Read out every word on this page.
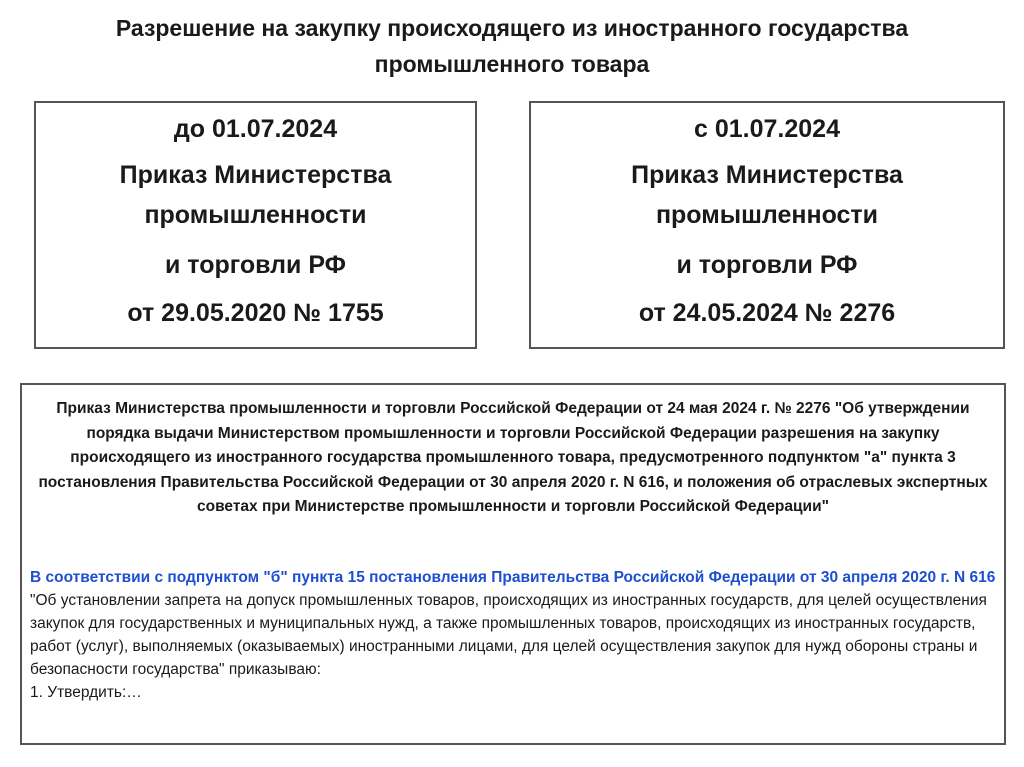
Разрешение на закупку происходящего из иностранного государства
промышленного товара
до 01.07.2024
Приказ Министерства
промышленности
и торговли РФ
от 29.05.2020 № 1755
с 01.07.2024
Приказ Министерства
промышленности
и торговли РФ
от 24.05.2024 № 2276
Приказ Министерства промышленности и торговли Российской Федерации от 24 мая 2024 г. № 2276 "Об утверждении порядка выдачи Министерством промышленности и торговли Российской Федерации разрешения на закупку происходящего из иностранного государства промышленного товара, предусмотренного подпунктом "а" пункта 3 постановления Правительства Российской Федерации от 30 апреля 2020 г. N 616, и положения об отраслевых экспертных советах при Министерстве промышленности и торговли Российской Федерации"
В соответствии с подпунктом "б" пункта 15 постановления Правительства Российской Федерации от 30 апреля 2020 г. N 616 "Об установлении запрета на допуск промышленных товаров, происходящих из иностранных государств, для целей осуществления закупок для государственных и муниципальных нужд, а также промышленных товаров, происходящих из иностранных государств, работ (услуг), выполняемых (оказываемых) иностранными лицами, для целей осуществления закупок для нужд обороны страны и безопасности государства" приказываю:
1. Утвердить:…
